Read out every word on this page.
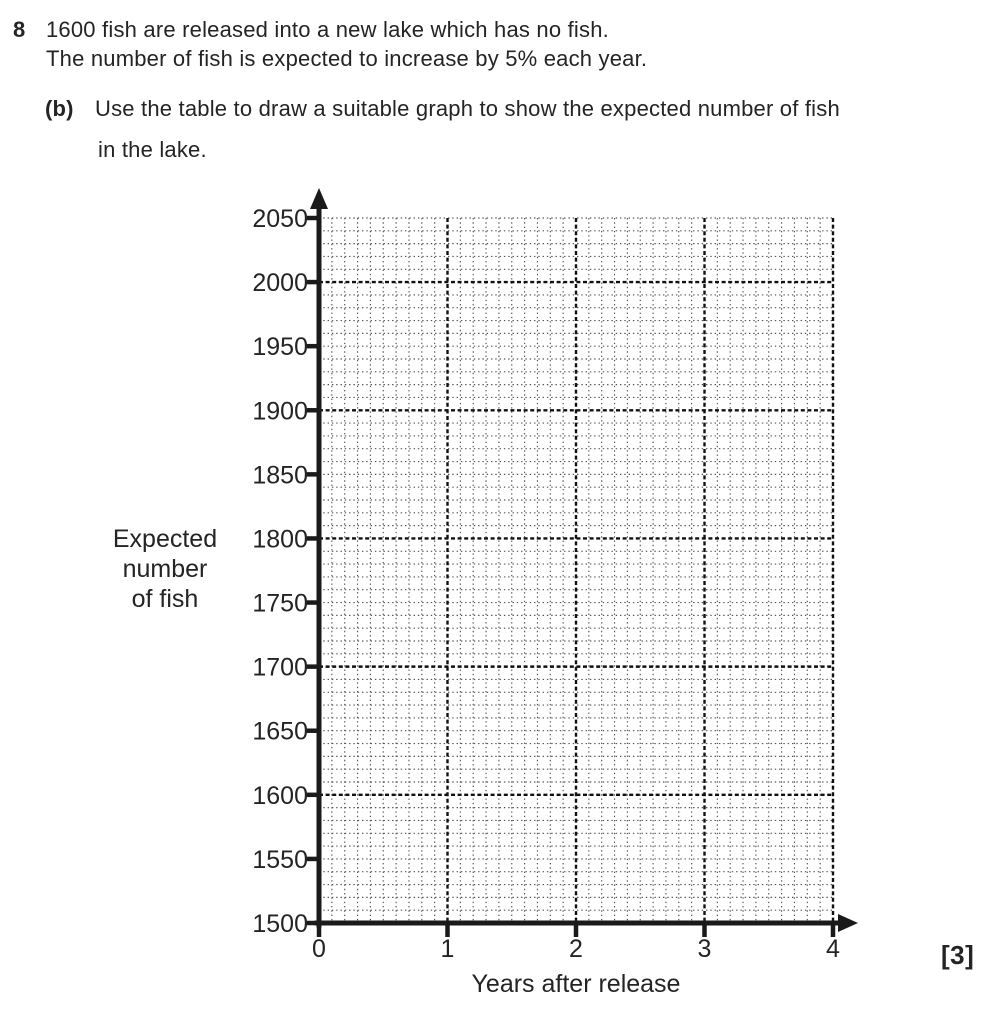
1500
1550
1600
1650
1700
1750
1800
1850
1900
1950
2000
2050
0	1	2	3	4
Years after release
Expected
number
of fish
8 1600 fish are released into a new lake which has no fish.
The number of fish is expected to increase by 5% each year.
(b) Use the table to draw a suitable graph to show the expected number of fish
in the lake.
[3]
